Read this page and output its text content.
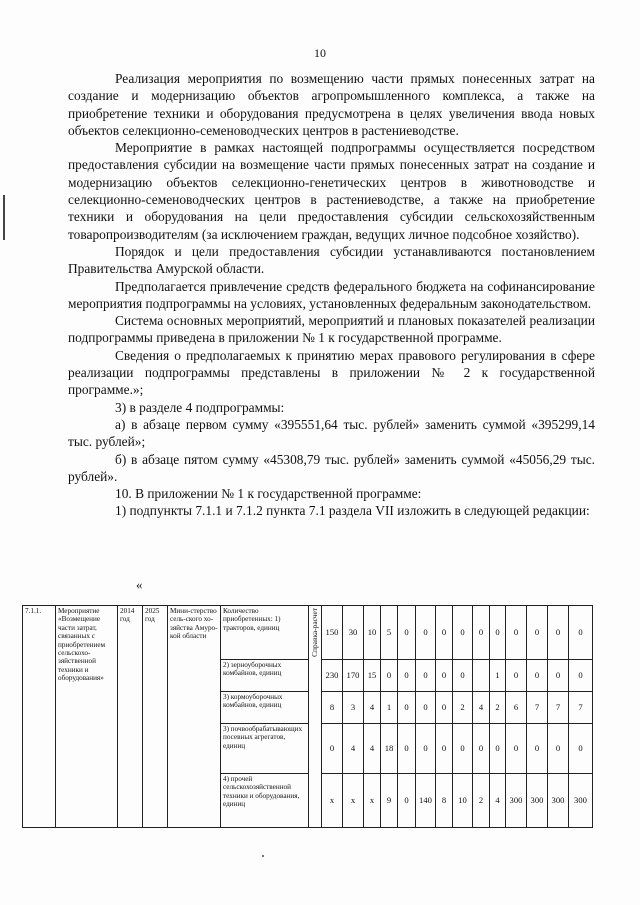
10

Реализация мероприятия по возмещению части прямых понесенных затрат на создание и модернизацию объектов агропромышленного комплекса, а также на приобретение техники и оборудования предусмотрена в целях увеличения ввода новых объектов селекционно-семеноводческих центров в растениеводстве.

Мероприятие в рамках настоящей подпрограммы осуществляется посредством предоставления субсидии на возмещение части прямых понесенных затрат на создание и модернизацию объектов селекционно-генетических центров в животноводстве и селекционно-семеноводческих центров в растениеводстве, а также на приобретение техники и оборудования на цели предоставления субсидии сельскохозяйственным товаропроизводителям (за исключением граждан, ведущих личное подсобное хозяйство).

Порядок и цели предоставления субсидии устанавливаются постановлением Правительства Амурской области.

Предполагается привлечение средств федерального бюджета на софинансирование мероприятия подпрограммы на условиях, установленных федеральным законодательством.

Система основных мероприятий, мероприятий и плановых показателей реализации подпрограммы приведена в приложении № 1 к государственной программе.

Сведения о предполагаемых к принятию мерах правового регулирования в сфере реализации подпрограммы представлены в приложении № 2 к государственной программе.»;

3) в разделе 4 подпрограммы:

а) в абзаце первом сумму «395551,64 тыс. рублей» заменить суммой «395299,14 тыс. рублей»;

б) в абзаце пятом сумму «45308,79 тыс. рублей» заменить суммой «45056,29 тыс. рублей».

10. В приложении № 1 к государственной программе:

1) подпункты 7.1.1 и 7.1.2 пункта 7.1 раздела VII изложить в следующей редакции:

«
7.1.1.	Мероприятие «Возмещение части затрат, связанных с приобретением сельскохо-зяйственной техники и оборудования»	2014 год	2025 год	Мини-стерство сель-ского хо-зяйства Амуро-кой области	Количество приобретенных: 1) тракторов, единиц	Справка-расчет	150	30	10	5	0	0	0	0	0	0	0	0	0	0
					2) зерноуборочных комбайнов, единиц		230	170	15	0	0	0	0	0		1	0	0	0	0
					3) кормоуборочных комбайнов, единиц		8	3	4	1	0	0	0	2	4	2	6	7	7	7
					3) почвообрабатывающих посевных агрегатов, единиц		0	4	4	18	0	0	0	0	0	0	0	0	0	0
					4) прочей сельскохозяйственной техники и оборудования, единиц		x	x	x	9	0	140	8	10	2	4	300	300	300	300
